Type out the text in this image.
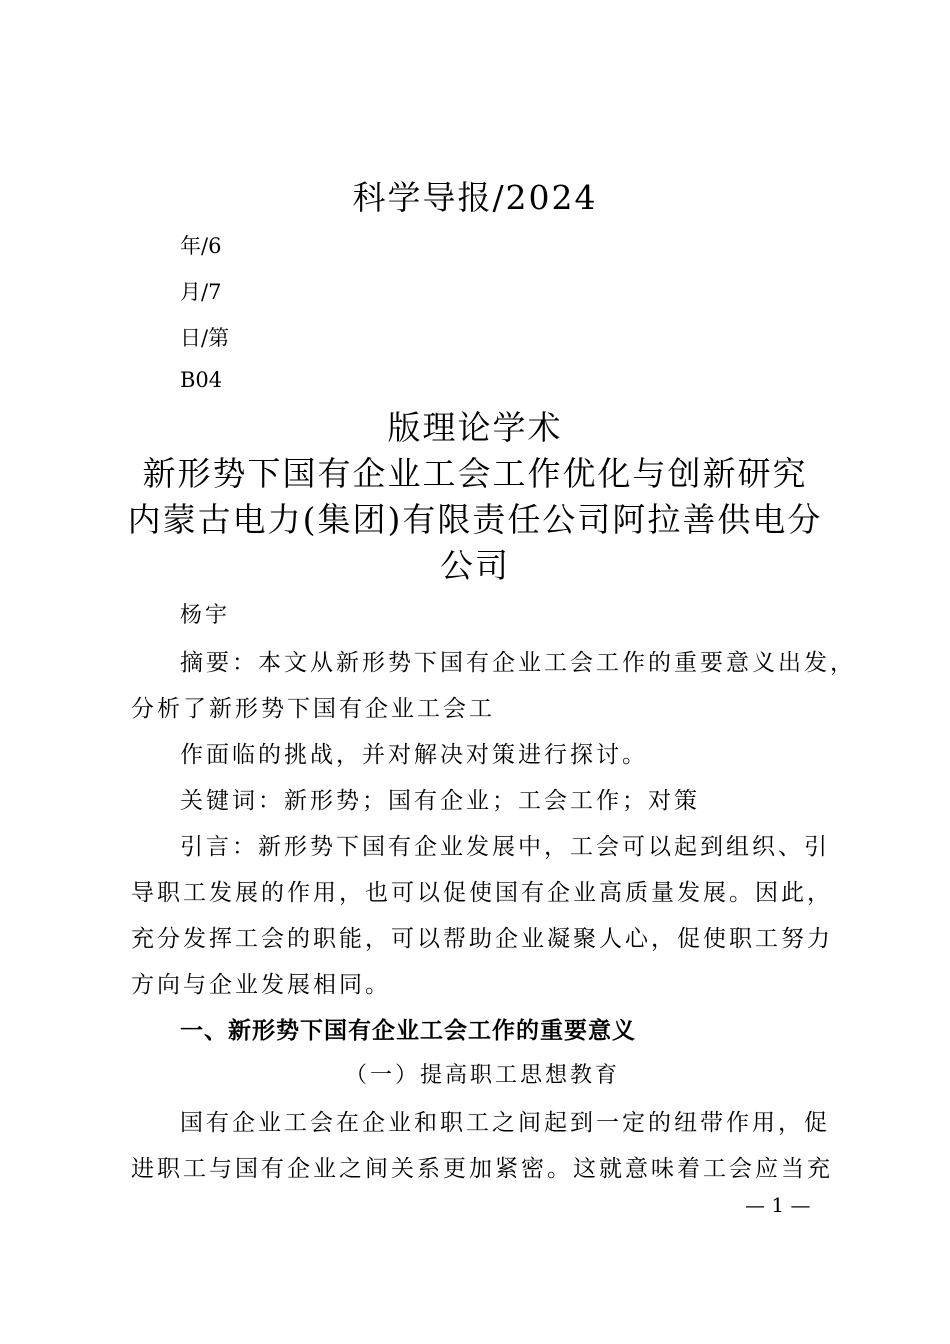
科学导报/2024
年/6
月/7
日/第
B04
版理论学术
新形势下国有企业工会工作优化与创新研究
内蒙古电力(集团)有限责任公司阿拉善供电分
公司
杨宇
摘要：本文从新形势下国有企业工会工作的重要意义出发，
分析了新形势下国有企业工会工
作面临的挑战，并对解决对策进行探讨。
关键词：新形势；国有企业；工会工作；对策
引言：新形势下国有企业发展中，工会可以起到组织、引
导职工发展的作用，也可以促使国有企业高质量发展。因此，
充分发挥工会的职能，可以帮助企业凝聚人心，促使职工努力
方向与企业发展相同。
一、新形势下国有企业工会工作的重要意义
（一）提高职工思想教育
国有企业工会在企业和职工之间起到一定的纽带作用，促
进职工与国有企业之间关系更加紧密。这就意味着工会应当充
— 1 —
